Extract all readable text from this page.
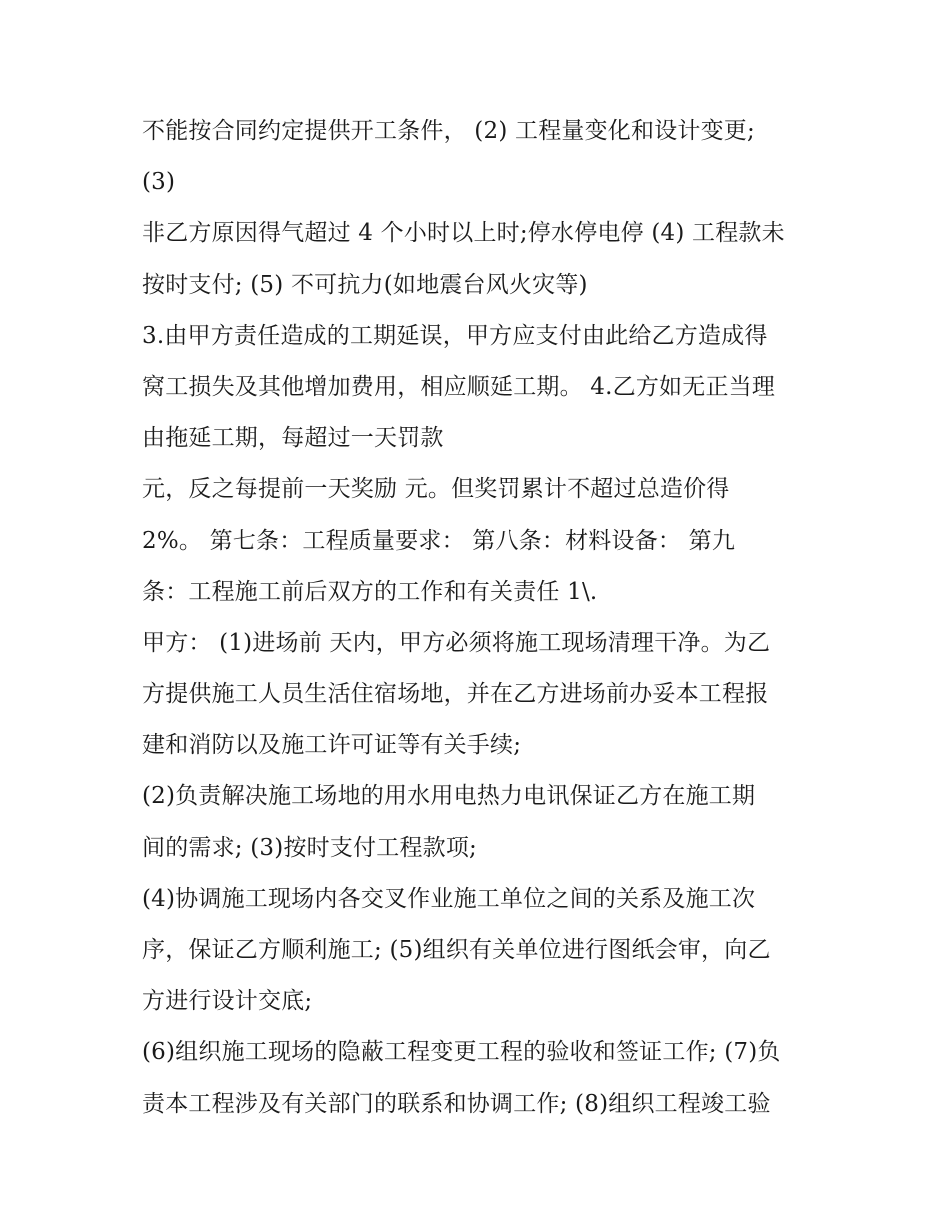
不能按合同约定提供开工条件， (2) 工程量变化和设计变更;
(3)
非乙方原因得气超过 4 个小时以上时;停水停电停 (4) 工程款未
按时支付; (5) 不可抗力(如地震台风火灾等)
3.由甲方责任造成的工期延误，甲方应支付由此给乙方造成得
窝工损失及其他增加费用，相应顺延工期。 4.乙方如无正当理
由拖延工期，每超过一天罚款
元，反之每提前一天奖励 元。但奖罚累计不超过总造价得
2%。 第七条：工程质量要求： 第八条：材料设备： 第九
条：工程施工前后双方的工作和有关责任 1\.
甲方： (1)进场前 天内，甲方必须将施工现场清理干净。为乙
方提供施工人员生活住宿场地，并在乙方进场前办妥本工程报
建和消防以及施工许可证等有关手续;
(2)负责解决施工场地的用水用电热力电讯保证乙方在施工期
间的需求; (3)按时支付工程款项;
(4)协调施工现场内各交叉作业施工单位之间的关系及施工次
序，保证乙方顺利施工; (5)组织有关单位进行图纸会审，向乙
方进行设计交底;
(6)组织施工现场的隐蔽工程变更工程的验收和签证工作; (7)负
责本工程涉及有关部门的联系和协调工作; (8)组织工程竣工验
